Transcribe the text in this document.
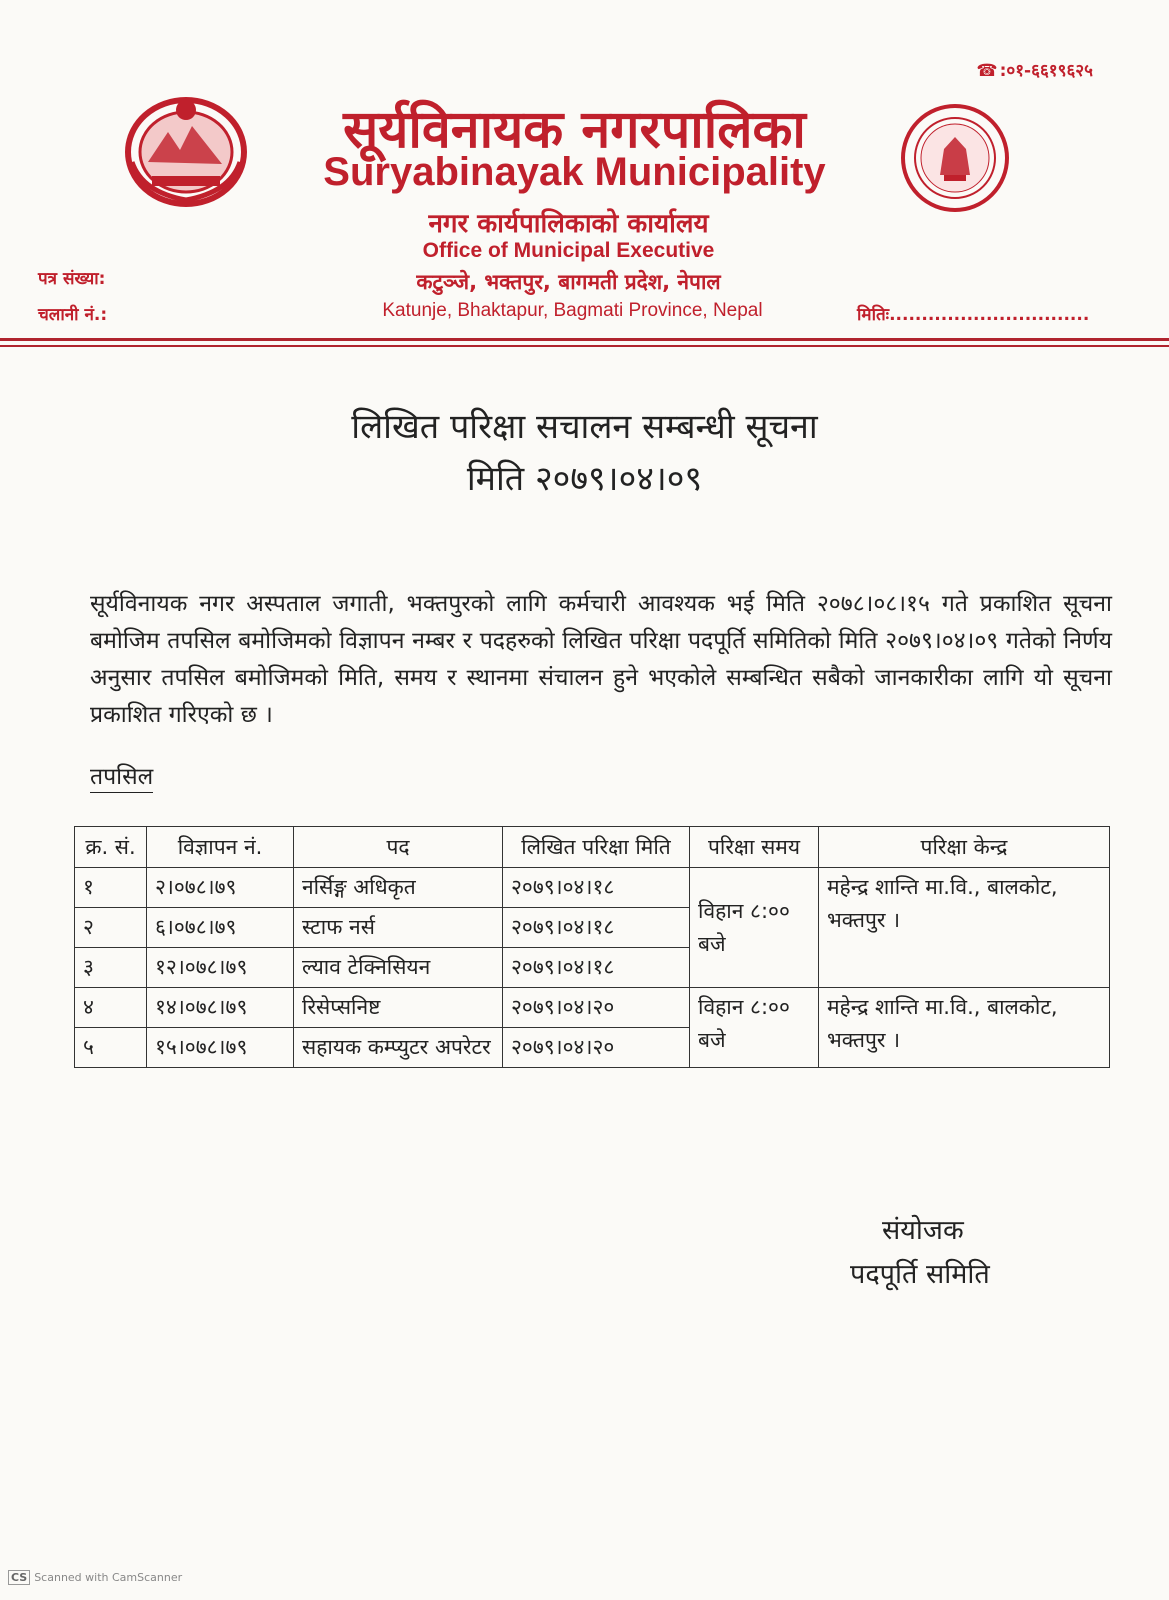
☎ :०१-६६१९६२५
सूर्यविनायक नगरपालिका
Suryabinayak Municipality
नगर कार्यपालिकाको कार्यालय
Office of Municipal Executive
कटुञ्जे, भक्तपुर, बागमती प्रदेश, नेपाल
Katunje, Bhaktapur, Bagmati Province, Nepal
पत्र संख्या:
चलानी नं.:	मितिः...............................
लिखित परिक्षा सचालन सम्बन्धी सूचना
मिति २०७९।०४।०९
सूर्यविनायक नगर अस्पताल जगाती, भक्तपुरको लागि कर्मचारी आवश्यक भई मिति २०७८।०८।१५ गते प्रकाशित सूचना बमोजिम तपसिल बमोजिमको विज्ञापन नम्बर र पदहरुको लिखित परिक्षा पदपूर्ति समितिको मिति २०७९।०४।०९ गतेको निर्णय अनुसार तपसिल बमोजिमको मिति, समय र स्थानमा संचालन हुने भएकोले सम्बन्धित सबैको जानकारीका लागि यो सूचना प्रकाशित गरिएको छ ।
तपसिल
क्र. सं.	विज्ञापन नं.	पद	लिखित परिक्षा मिति	परिक्षा समय	परिक्षा केन्द्र
१	२।०७८।७९	नर्सिङ्ग अधिकृत	२०७९।०४।१८	विहान ८:०० बजे	महेन्द्र शान्ति मा.वि., बालकोट, भक्तपुर ।
२	६।०७८।७९	स्टाफ नर्स	२०७९।०४।१८		
३	१२।०७८।७९	ल्याव टेक्निसियन	२०७९।०४।१८		
४	१४।०७८।७९	रिसेप्सनिष्ट	२०७९।०४।२०	विहान ८:०० बजे	महेन्द्र शान्ति मा.वि., बालकोट, भक्तपुर ।
५	१५।०७८।७९	सहायक कम्प्युटर अपरेटर	२०७९।०४।२०		
संयोजक
पदपूर्ति समिति
CS Scanned with CamScanner
